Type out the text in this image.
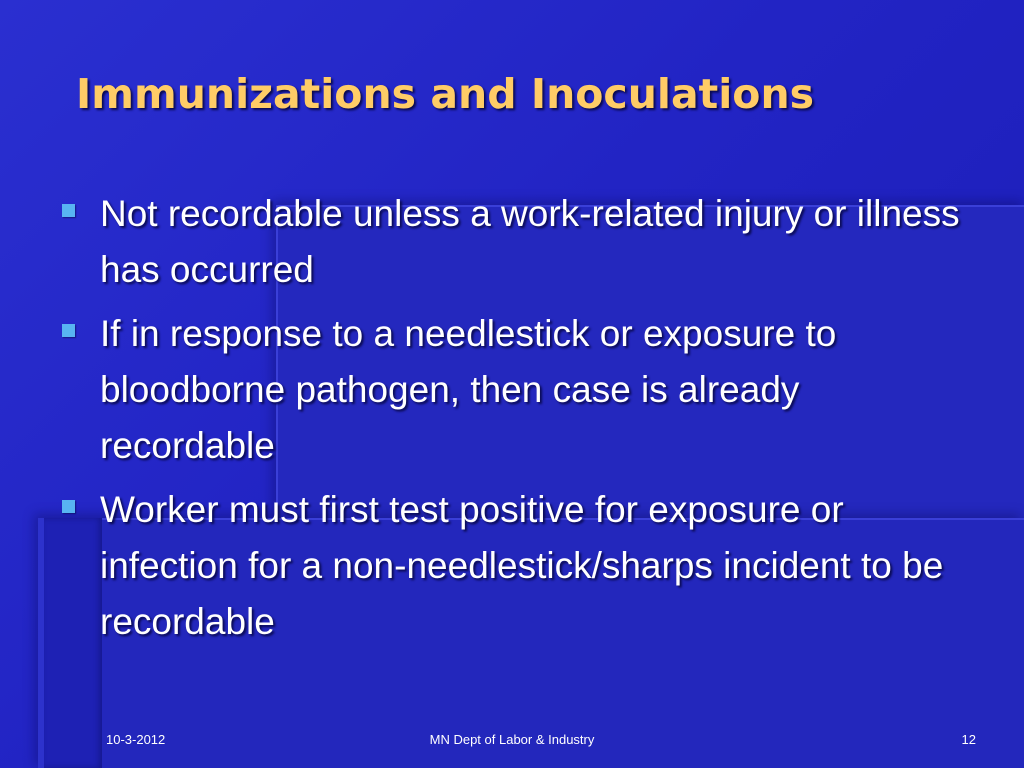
Immunizations and Inoculations
Not recordable unless a work-related injury or illness has occurred
If in response to a needlestick or exposure to bloodborne pathogen, then case is already recordable
Worker must first test positive for exposure or infection for a non-needlestick/sharps incident to be recordable
10-3-2012	MN Dept of Labor & Industry	12
